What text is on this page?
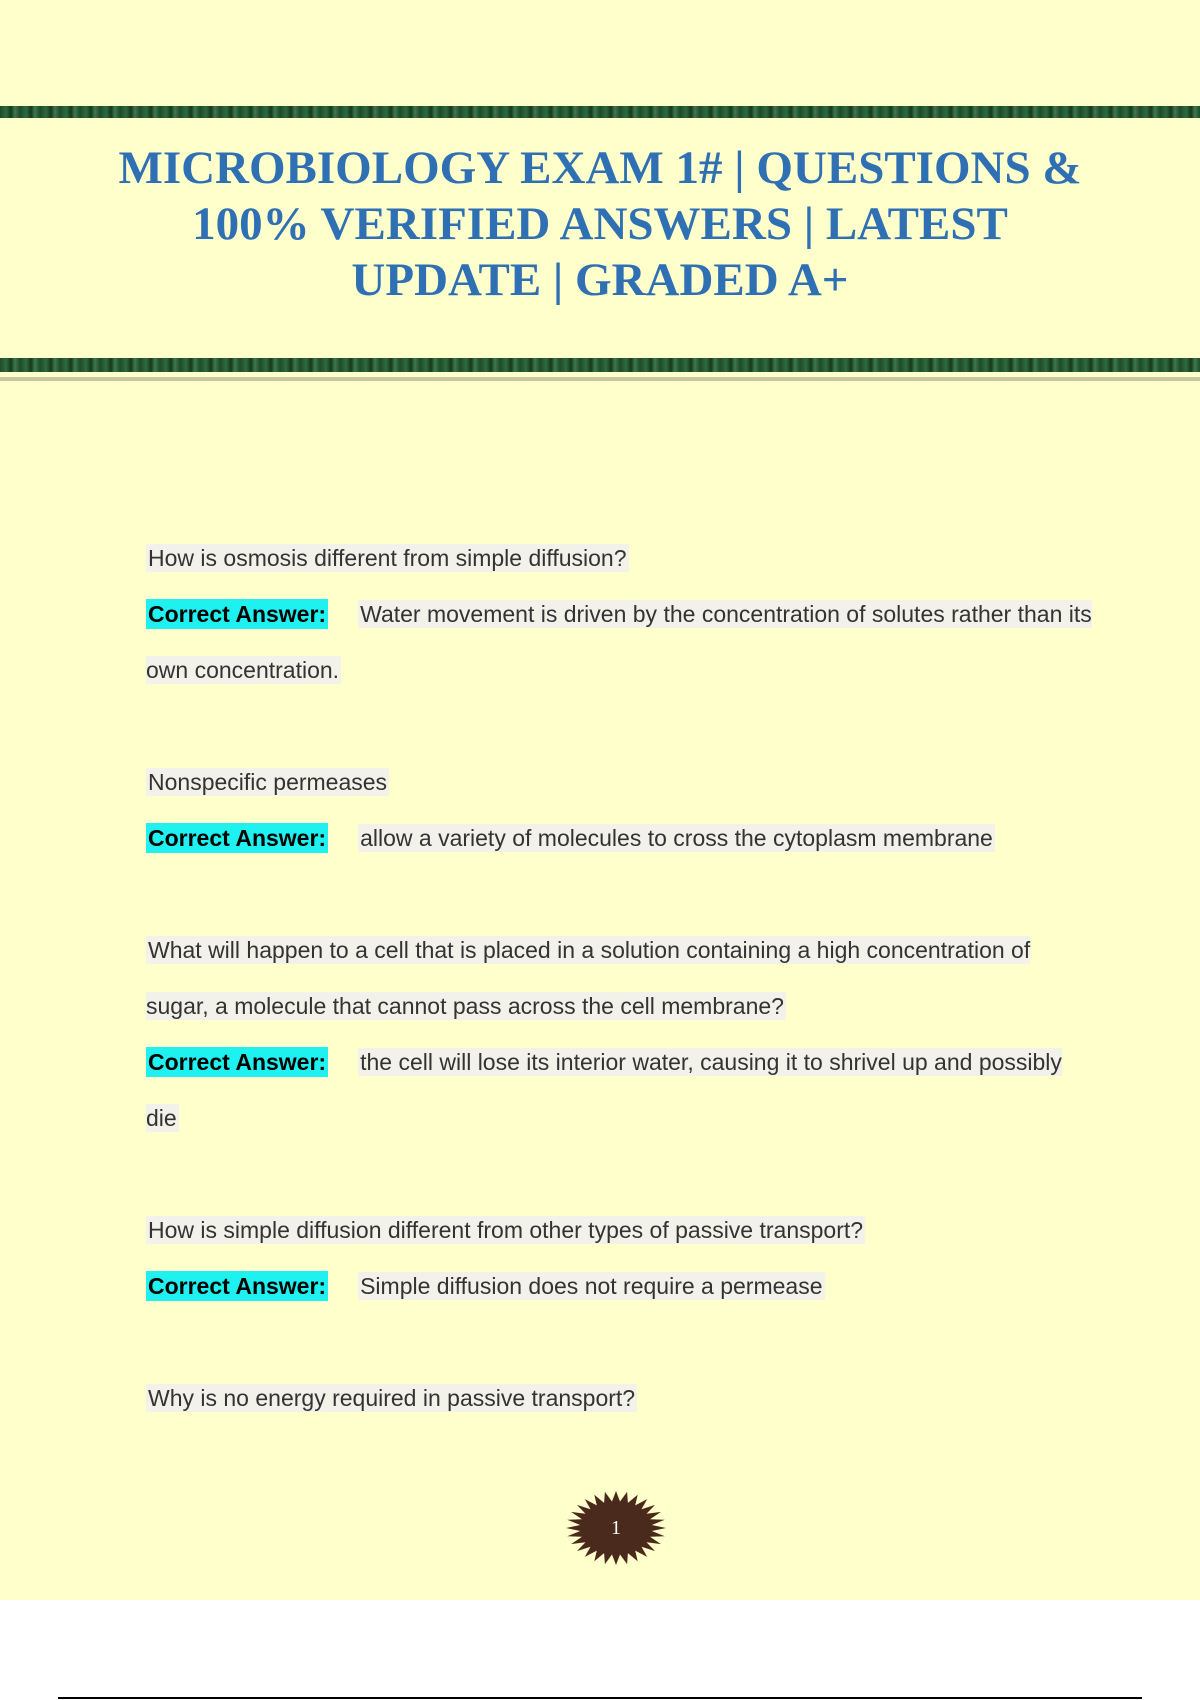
MICROBIOLOGY EXAM 1# | QUESTIONS & 100% VERIFIED ANSWERS | LATEST UPDATE | GRADED A+

How is osmosis different from simple diffusion?

Correct Answer: Water movement is driven by the concentration of solutes rather than its own concentration.

Nonspecific permeases

Correct Answer: allow a variety of molecules to cross the cytoplasm membrane

What will happen to a cell that is placed in a solution containing a high concentration of sugar, a molecule that cannot pass across the cell membrane?

Correct Answer: the cell will lose its interior water, causing it to shrivel up and possibly die

How is simple diffusion different from other types of passive transport?

Correct Answer: Simple diffusion does not require a permease

Why is no energy required in passive transport?

1
